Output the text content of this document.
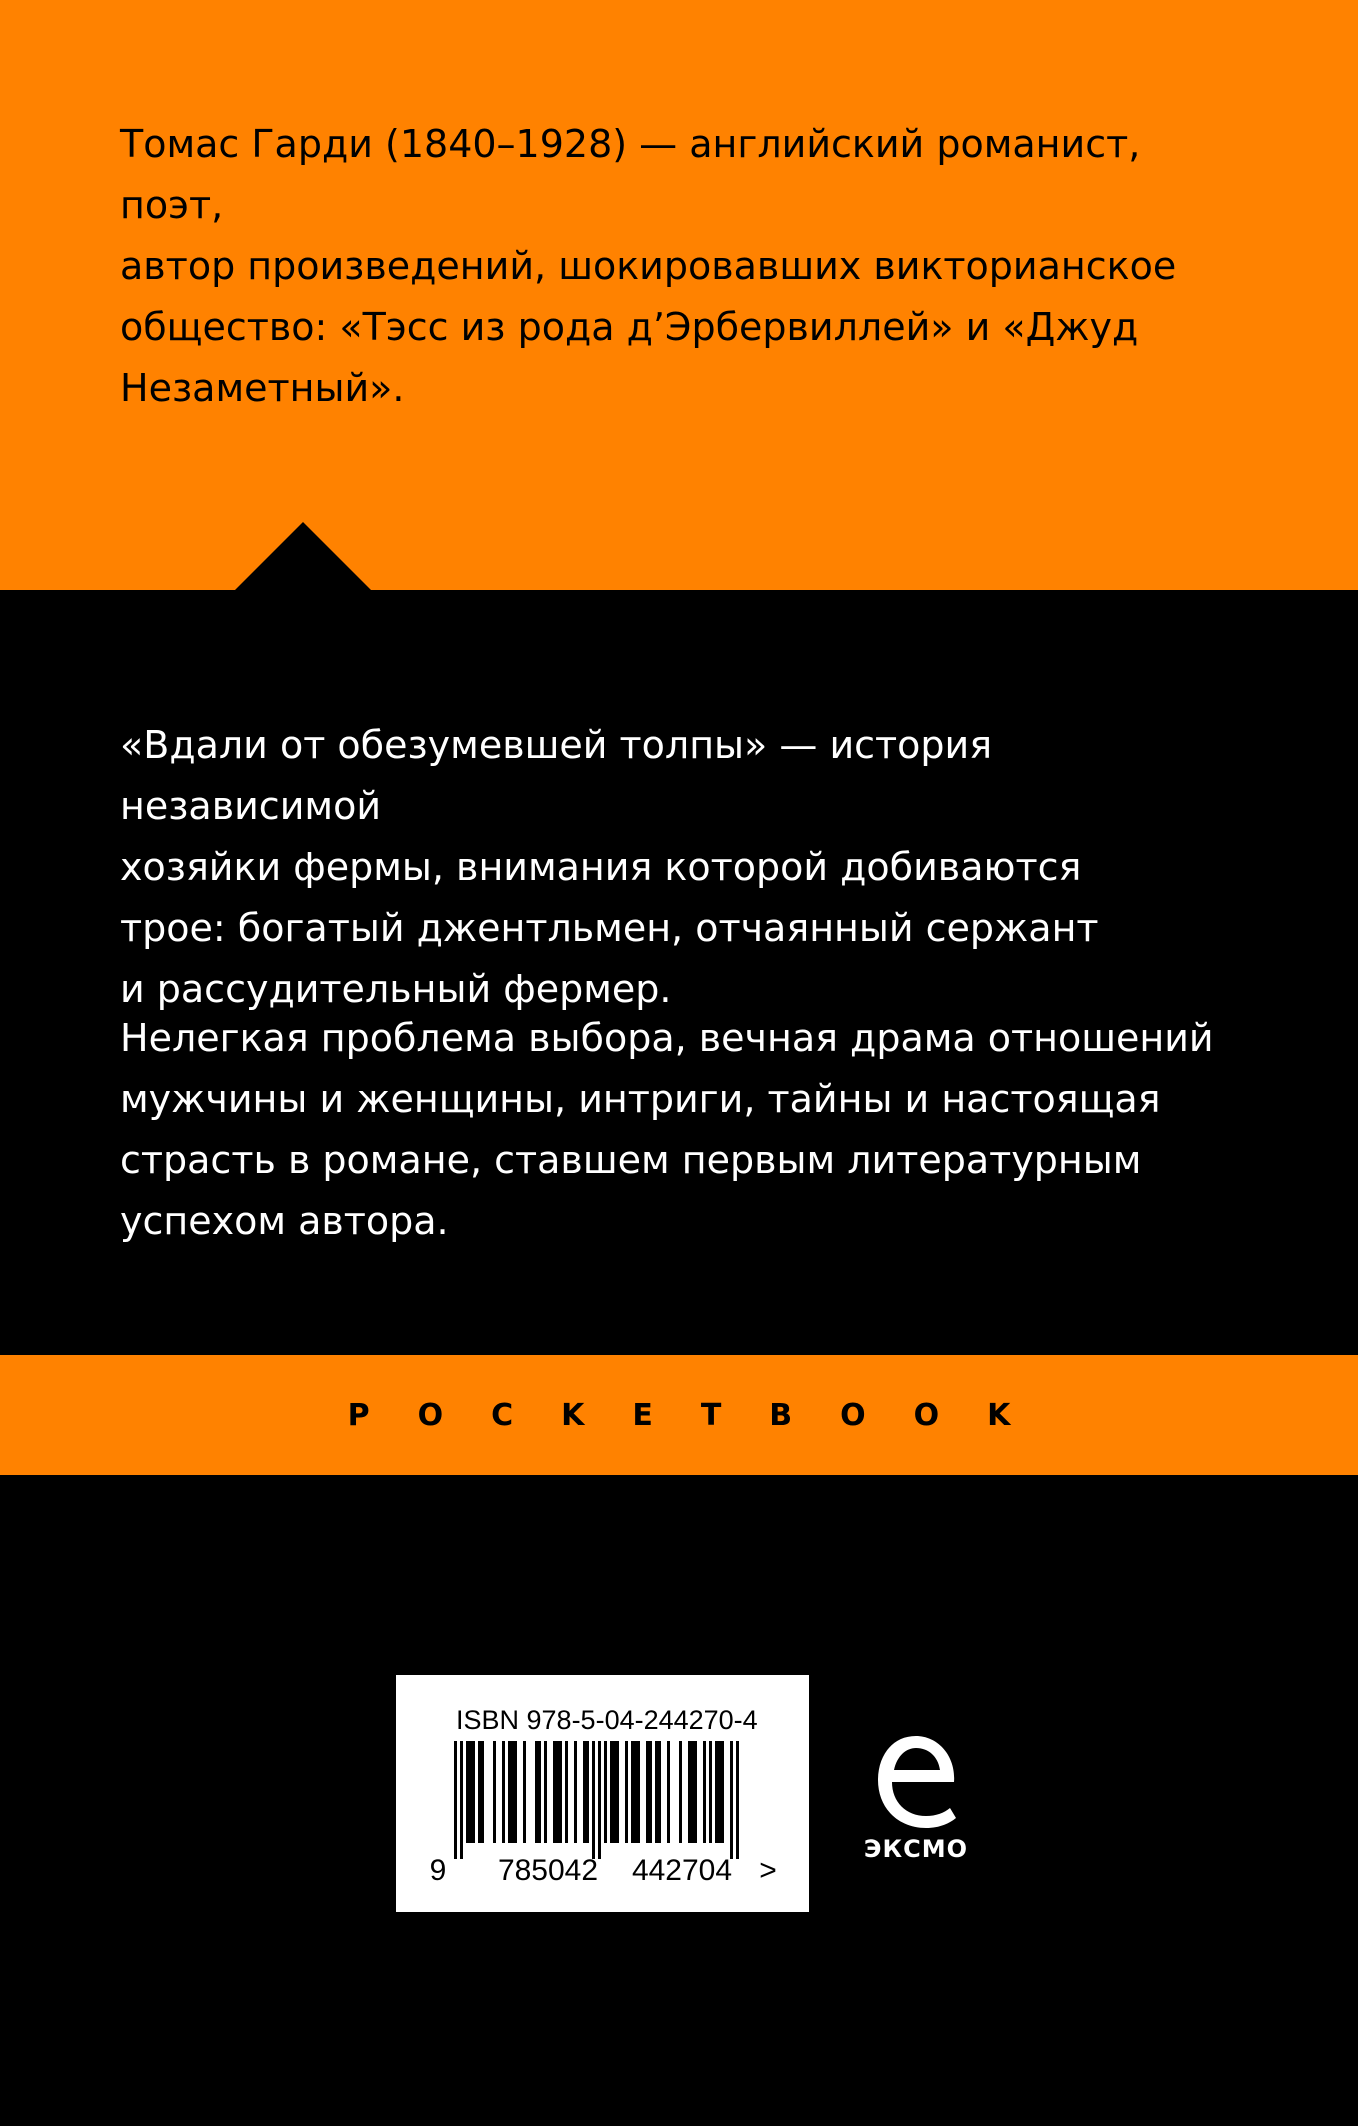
Томас Гарди (1840–1928) — английский романист, поэт,
автор произведений, шокировавших викторианское
общество: «Тэсс из рода д’Эрбервиллей» и «Джуд
Незаметный».

«Вдали от обезумевшей толпы» — история независимой
хозяйки фермы, внимания которой добиваются
трое: богатый джентльмен, отчаянный сержант
и рассудительный фермер.

Нелегкая проблема выбора, вечная драма отношений
мужчины и женщины, интриги, тайны и настоящая
страсть в романе, ставшем первым литературным
успехом автора.

POCKETBOOK
ISBN 978-5-04-244270-4
9 785042 442704 >
ЭКСМО
